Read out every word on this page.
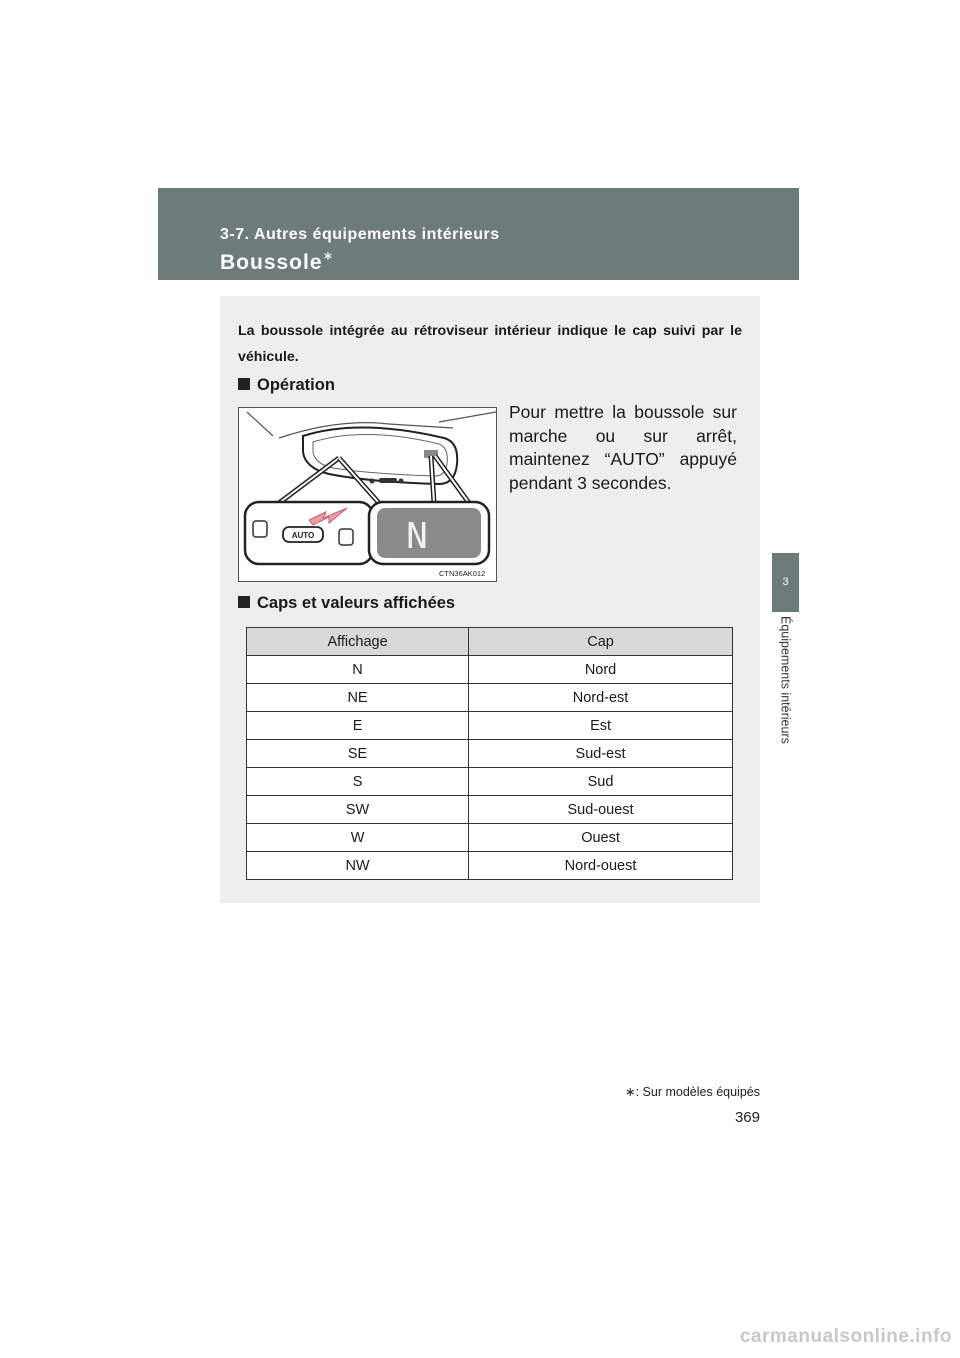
3-7. Autres équipements intérieurs
Boussole∗
3
Équipements intérieurs
La boussole intégrée au rétroviseur intérieur indique le cap suivi par le véhicule.
Opération
AUTO	N
CTN36AK012
Pour mettre la boussole sur marche ou sur arrêt, maintenez “AUTO” appuyé pendant 3 secondes.
Caps et valeurs affichées
Affichage	Cap
N	Nord
NE	Nord-est
E	Est
SE	Sud-est
S	Sud
SW	Sud-ouest
W	Ouest
NW	Nord-ouest
∗: Sur modèles équipés
369
carmanualsonline.info
